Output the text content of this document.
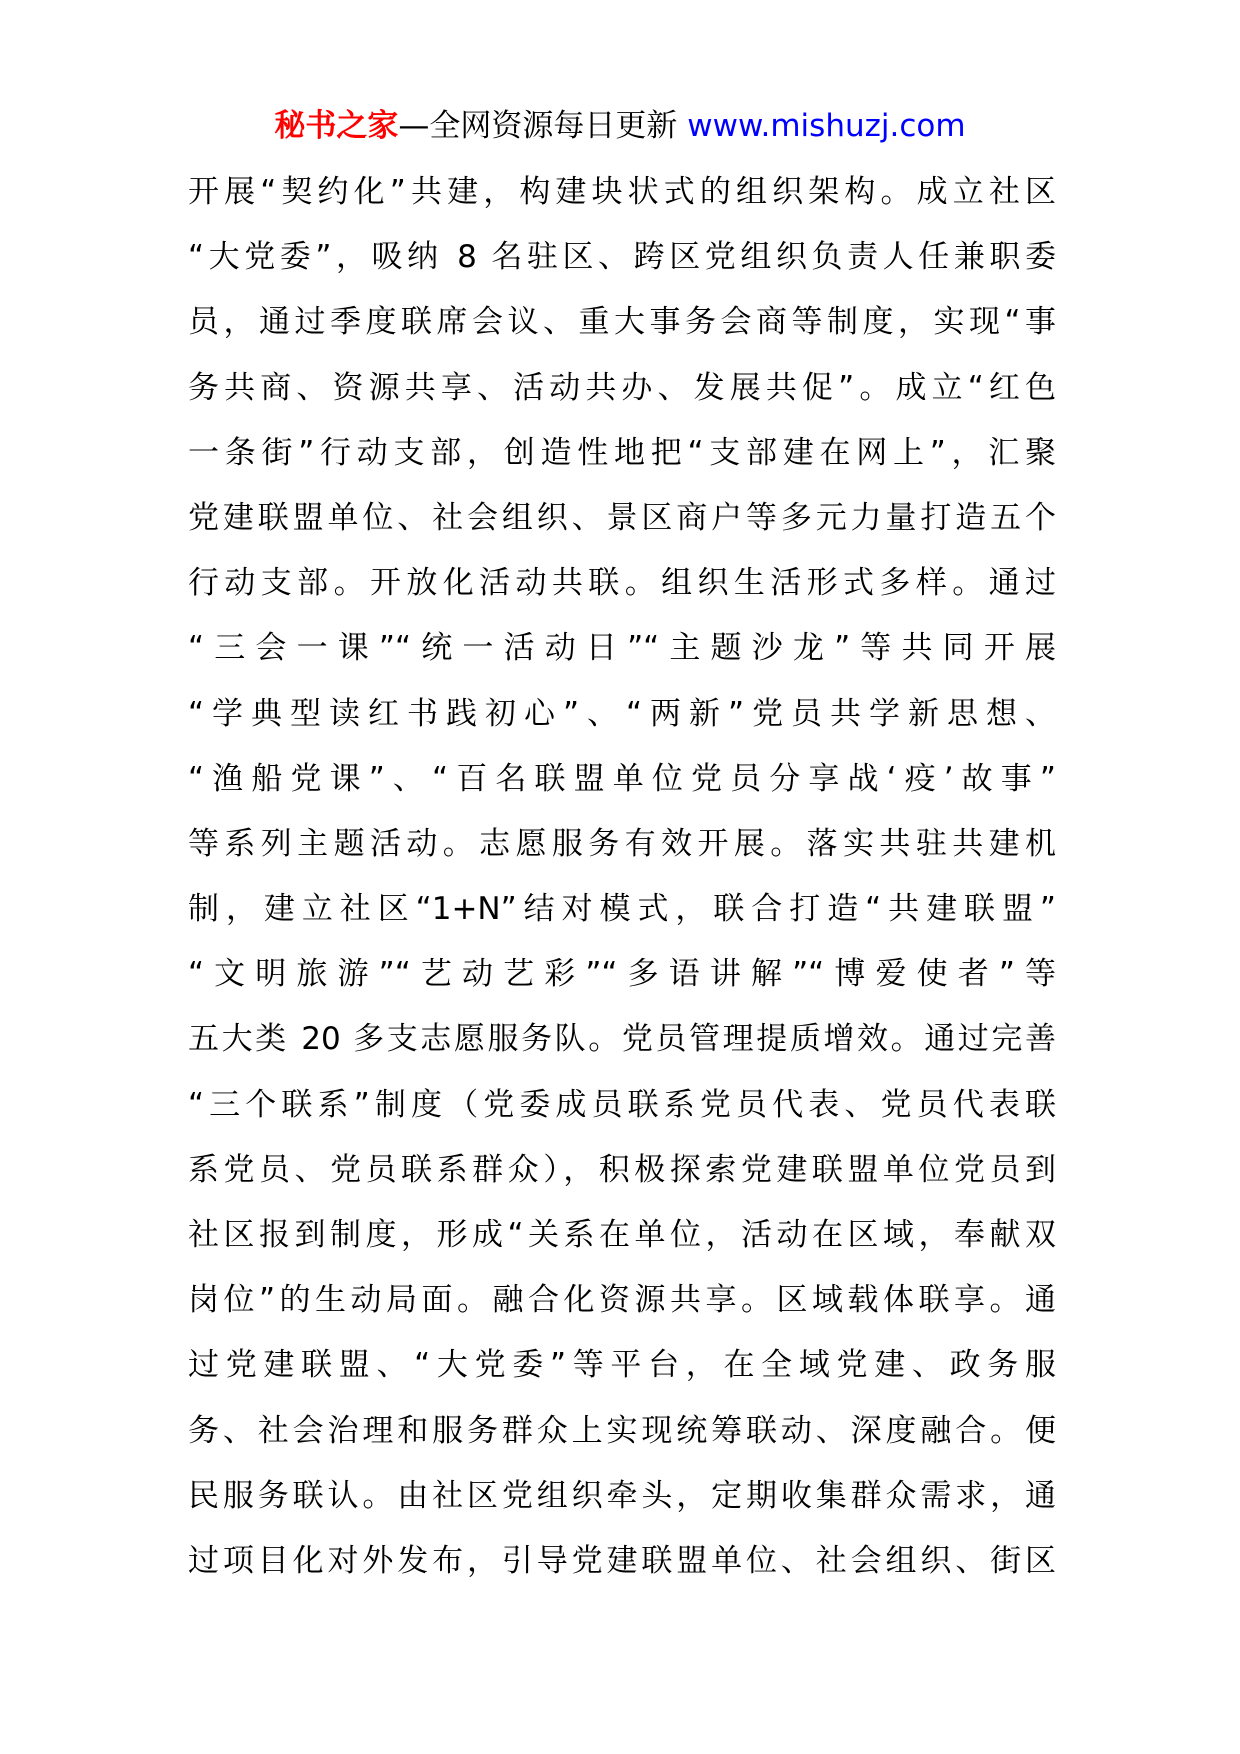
秘书之家—全网资源每日更新 www.mishuzj.com
开展“契约化”共建，构建块状式的组织架构。成立社区
“大党委”，吸纳 8 名驻区、跨区党组织负责人任兼职委
员，通过季度联席会议、重大事务会商等制度，实现“事
务共商、资源共享、活动共办、发展共促”。成立“红色
一条街”行动支部，创造性地把“支部建在网上”，汇聚
党建联盟单位、社会组织、景区商户等多元力量打造五个
行动支部。开放化活动共联。组织生活形式多样。通过
“三会一课”“统一活动日”“主题沙龙”等共同开展
“学典型读红书践初心”、“两新”党员共学新思想、
“渔船党课”、“百名联盟单位党员分享战‘疫’故事”
等系列主题活动。志愿服务有效开展。落实共驻共建机
制，建立社区“1+N”结对模式，联合打造“共建联盟”
“文明旅游”“艺动艺彩”“多语讲解”“博爱使者”等
五大类 20 多支志愿服务队。党员管理提质增效。通过完善
“三个联系”制度（党委成员联系党员代表、党员代表联
系党员、党员联系群众），积极探索党建联盟单位党员到
社区报到制度，形成“关系在单位，活动在区域，奉献双
岗位”的生动局面。融合化资源共享。区域载体联享。通
过党建联盟、“大党委”等平台，在全域党建、政务服
务、社会治理和服务群众上实现统筹联动、深度融合。便
民服务联认。由社区党组织牵头，定期收集群众需求，通
过项目化对外发布，引导党建联盟单位、社会组织、街区
